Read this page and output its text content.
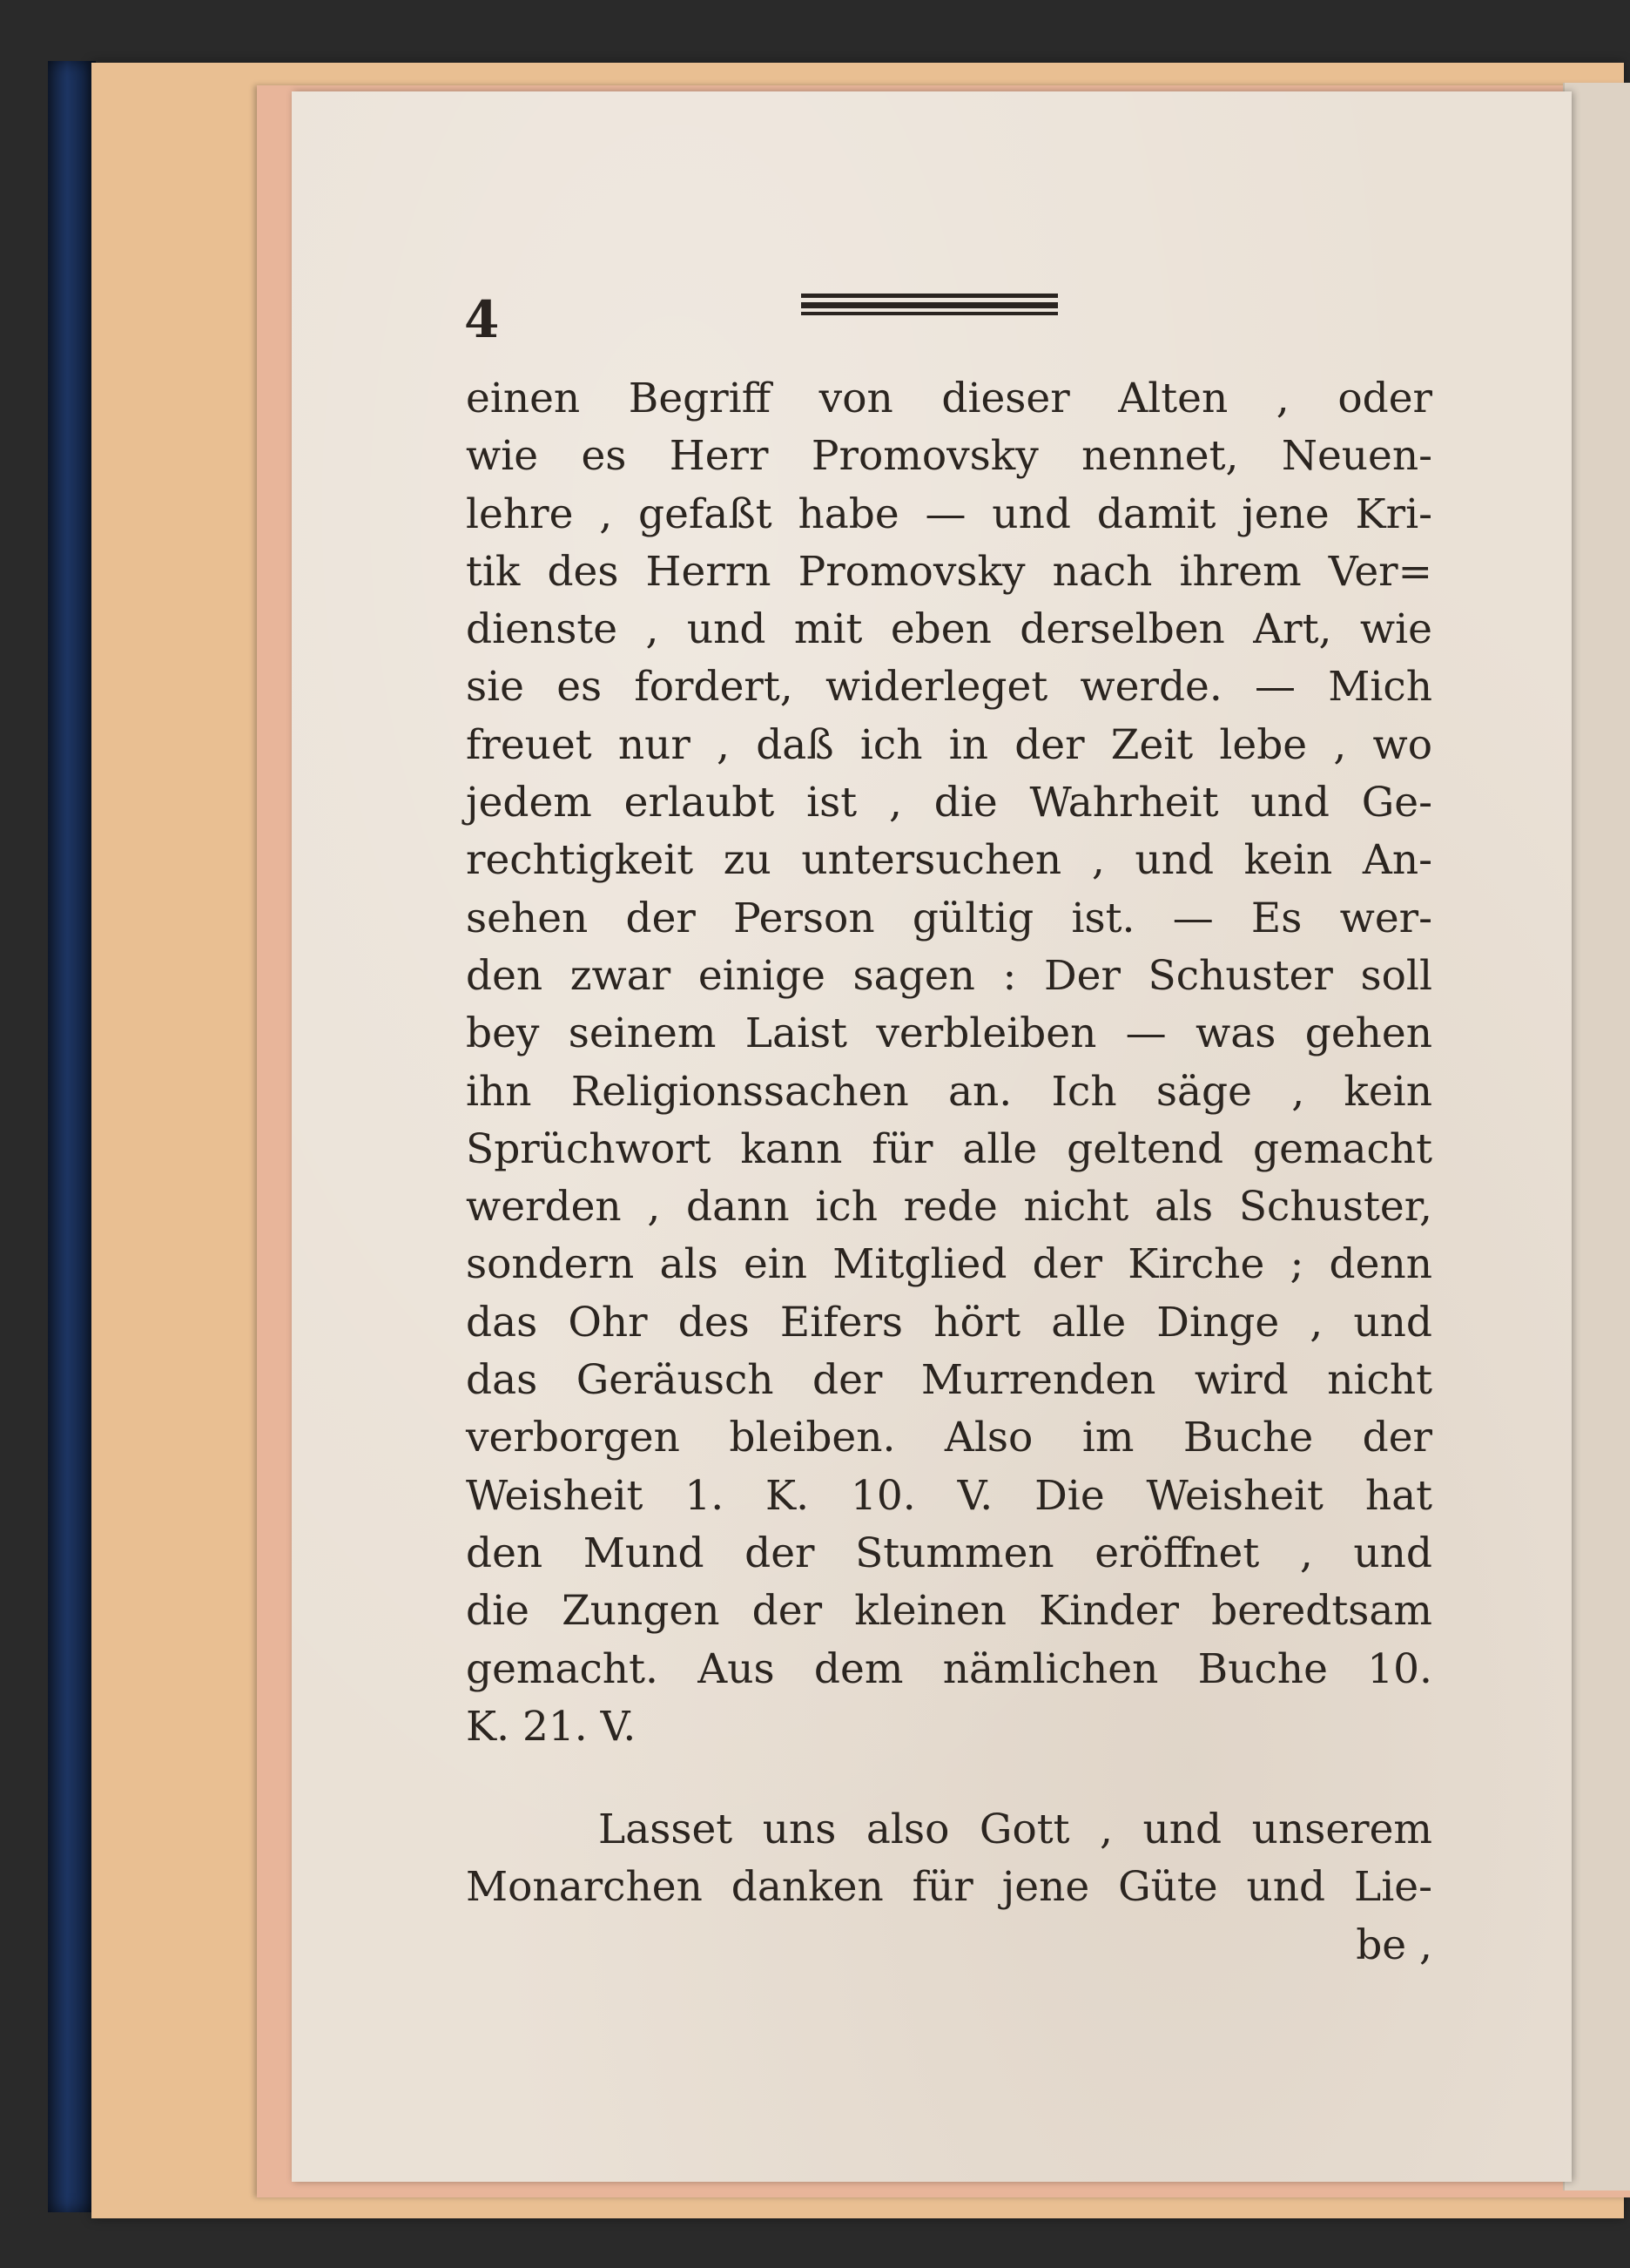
4

einen Begriff von dieser Alten , oder
wie es Herr Promovsky nennet, Neuen-
lehre , gefaßt habe — und damit jene Kri-
tik des Herrn Promovsky nach ihrem Ver=
dienste , und mit eben derselben Art, wie
sie es fordert, widerleget werde. — Mich
freuet nur , daß ich in der Zeit lebe , wo
jedem erlaubt ist , die Wahrheit und Ge-
rechtigkeit zu untersuchen , und kein An-
sehen der Person gültig ist. — Es wer-
den zwar einige sagen : Der Schuster soll
bey seinem Laist verbleiben — was gehen
ihn Religionssachen an. Ich säge , kein
Sprüchwort kann für alle geltend gemacht
werden , dann ich rede nicht als Schuster,
sondern als ein Mitglied der Kirche ; denn
das Ohr des Eifers hört alle Dinge , und
das Geräusch der Murrenden wird nicht
verborgen bleiben. Also im Buche der
Weisheit 1. K. 10. V. Die Weisheit hat
den Mund der Stummen eröffnet , und
die Zungen der kleinen Kinder beredtsam
gemacht. Aus dem nämlichen Buche 10.
K. 21. V.
Lasset uns also Gott , und unserem
Monarchen danken für jene Güte und Lie-
be ,
